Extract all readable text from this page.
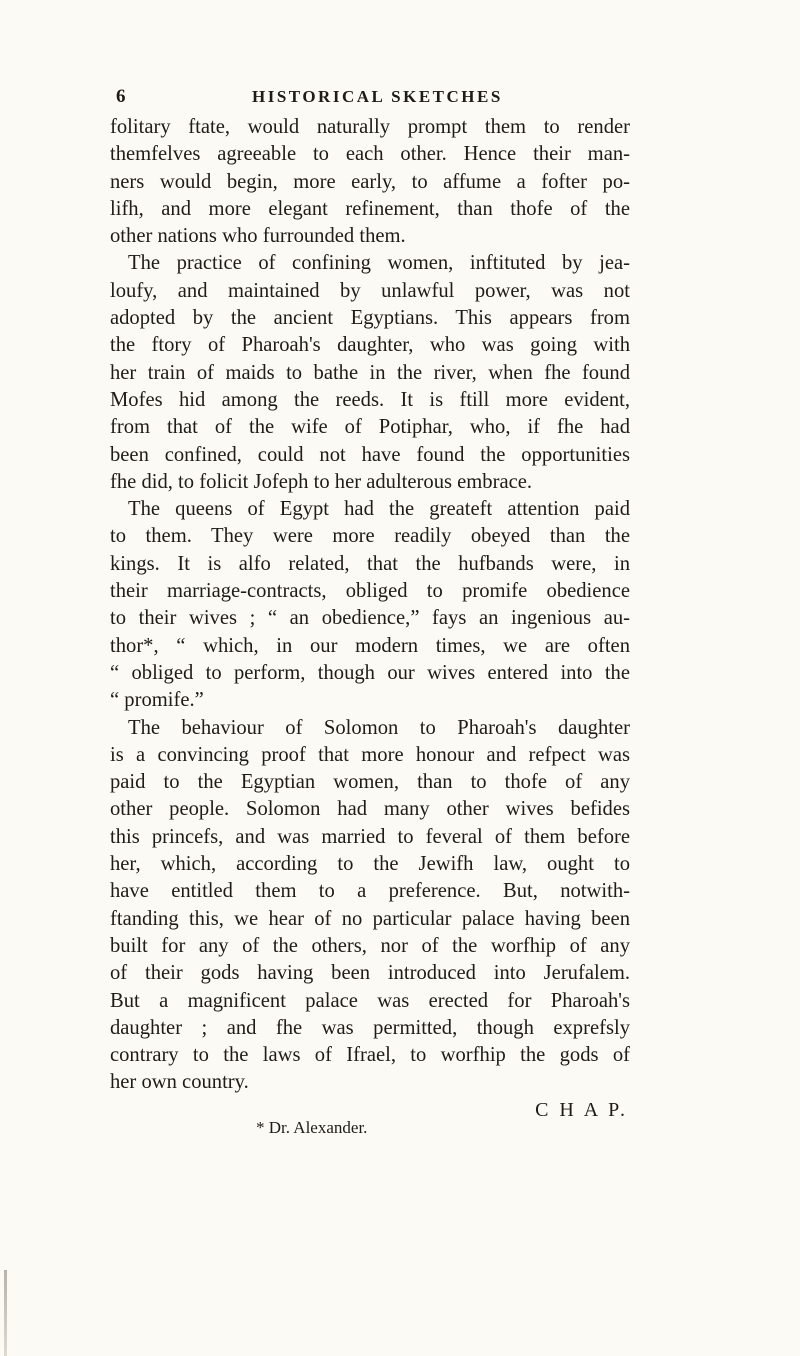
6	HISTORICAL SKETCHES
folitary ftate, would naturally prompt them to render
themfelves agreeable to each other. Hence their man-
ners would begin, more early, to affume a fofter po-
lifh, and more elegant refinement, than thofe of the
other nations who furrounded them.
The practice of confining women, inftituted by jea-
loufy, and maintained by unlawful power, was not
adopted by the ancient Egyptians. This appears from
the ftory of Pharoah's daughter, who was going with
her train of maids to bathe in the river, when fhe found
Mofes hid among the reeds. It is ftill more evident,
from that of the wife of Potiphar, who, if fhe had
been confined, could not have found the opportunities
fhe did, to folicit Jofeph to her adulterous embrace.
The queens of Egypt had the greateft attention paid
to them. They were more readily obeyed than the
kings. It is alfo related, that the hufbands were, in
their marriage-contracts, obliged to promife obedience
to their wives ; “ an obedience,” fays an ingenious au-
thor*, “ which, in our modern times, we are often
“ obliged to perform, though our wives entered into the
“ promife.”
The behaviour of Solomon to Pharoah's daughter
is a convincing proof that more honour and refpect was
paid to the Egyptian women, than to thofe of any
other people. Solomon had many other wives befides
this princefs, and was married to feveral of them before
her, which, according to the Jewifh law, ought to
have entitled them to a preference. But, notwith-
ftanding this, we hear of no particular palace having been
built for any of the others, nor of the worfhip of any
of their gods having been introduced into Jerufalem.
But a magnificent palace was erected for Pharoah's
daughter ; and fhe was permitted, though exprefsly
contrary to the laws of Ifrael, to worfhip the gods of
her own country.
C H A P.
* Dr. Alexander.
